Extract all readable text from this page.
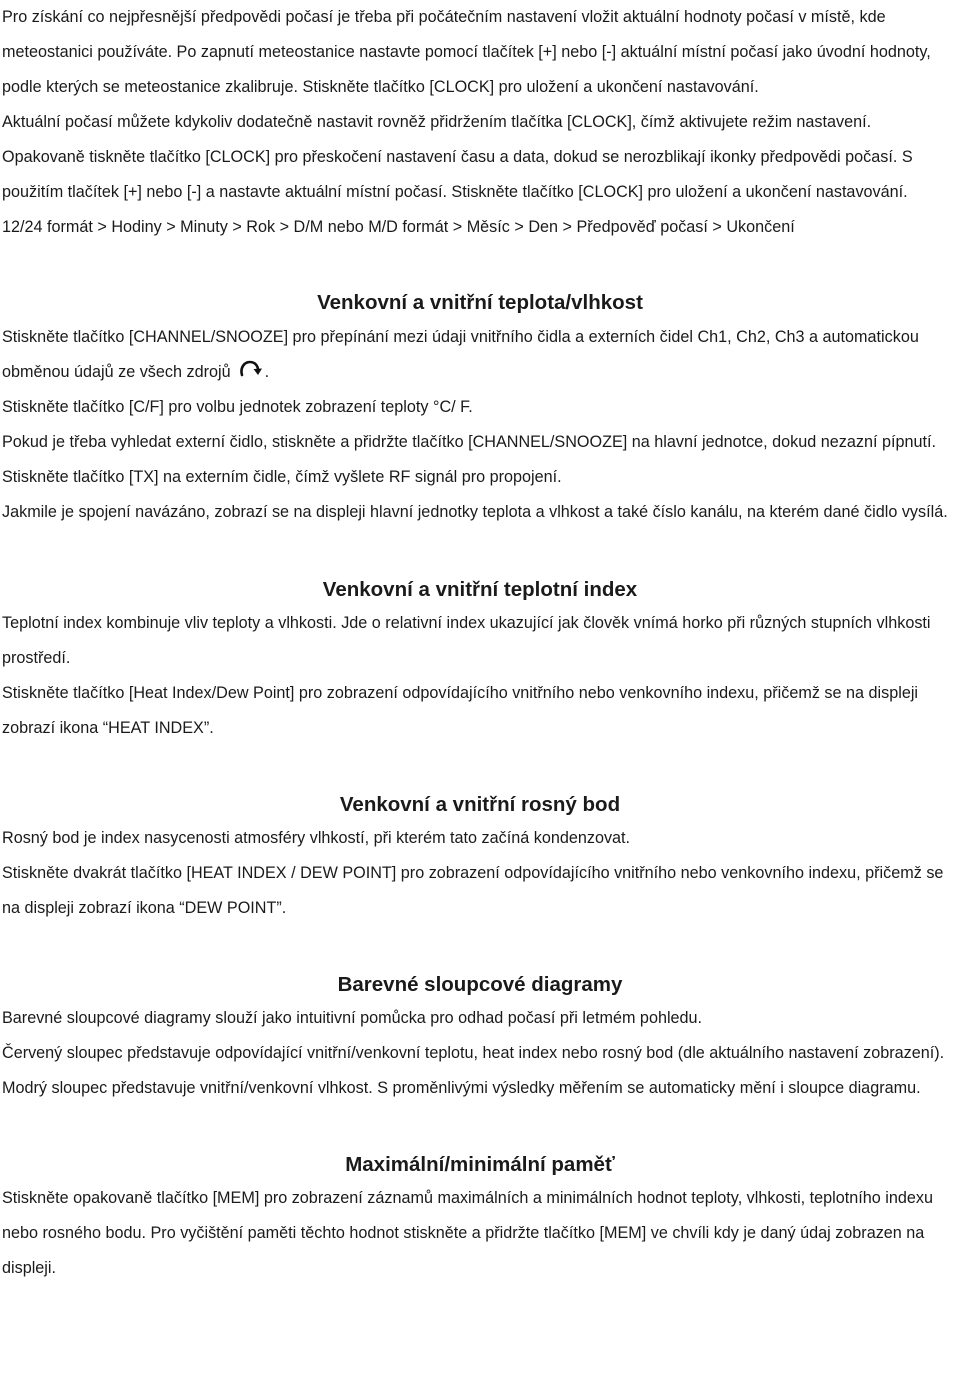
Pro získání co nejpřesnější předpovědi počasí je třeba při počátečním nastavení vložit aktuální hodnoty počasí v místě, kde meteostanici používáte. Po zapnutí meteostanice nastavte pomocí tlačítek [+] nebo [-] aktuální místní počasí jako úvodní hodnoty, podle kterých se meteostanice zkalibruje. Stiskněte tlačítko [CLOCK] pro uložení a ukončení nastavování.

Aktuální počasí můžete kdykoliv dodatečně nastavit rovněž přidržením tlačítka [CLOCK], čímž aktivujete režim nastavení. Opakovaně tiskněte tlačítko [CLOCK] pro přeskočení nastavení času a data, dokud se nerozblikají ikonky předpovědi počasí. S použitím tlačítek [+] nebo [-] a nastavte aktuální místní počasí. Stiskněte tlačítko [CLOCK] pro uložení a ukončení nastavování.

12/24 formát > Hodiny > Minuty > Rok > D/M nebo M/D formát > Měsíc > Den > Předpověď počasí > Ukončení

Venkovní a vnitřní teplota/vlhkost

Stiskněte tlačítko [CHANNEL/SNOOZE] pro přepínání mezi údaji vnitřního čidla a externích čidel Ch1, Ch2, Ch3 a automatickou obměnou údajů ze všech zdrojů .

Stiskněte tlačítko [C/F] pro volbu jednotek zobrazení teploty °C/ F.

Pokud je třeba vyhledat externí čidlo, stiskněte a přidržte tlačítko [CHANNEL/SNOOZE] na hlavní jednotce, dokud nezazní pípnutí. Stiskněte tlačítko [TX] na externím čidle, čímž vyšlete RF signál pro propojení.

Jakmile je spojení navázáno, zobrazí se na displeji hlavní jednotky teplota a vlhkost a také číslo kanálu, na kterém dané čidlo vysílá.

Venkovní a vnitřní teplotní index

Teplotní index kombinuje vliv teploty a vlhkosti. Jde o relativní index ukazující jak člověk vnímá horko při různých stupních vlhkosti prostředí.

Stiskněte tlačítko [Heat Index/Dew Point] pro zobrazení odpovídajícího vnitřního nebo venkovního indexu, přičemž se na displeji zobrazí ikona “HEAT INDEX”.

Venkovní a vnitřní rosný bod

Rosný bod je index nasycenosti atmosféry vlhkostí, při kterém tato začíná kondenzovat.

Stiskněte dvakrát tlačítko [HEAT INDEX / DEW POINT] pro zobrazení odpovídajícího vnitřního nebo venkovního indexu, přičemž se na displeji zobrazí ikona “DEW POINT”.

Barevné sloupcové diagramy

Barevné sloupcové diagramy slouží jako intuitivní pomůcka pro odhad počasí při letmém pohledu.

Červený sloupec představuje odpovídající vnitřní/venkovní teplotu, heat index nebo rosný bod (dle aktuálního nastavení zobrazení). Modrý sloupec představuje vnitřní/venkovní vlhkost. S proměnlivými výsledky měřením se automaticky mění i sloupce diagramu.

Maximální/minimální paměť

Stiskněte opakovaně tlačítko [MEM] pro zobrazení záznamů maximálních a minimálních hodnot teploty, vlhkosti, teplotního indexu nebo rosného bodu. Pro vyčištění paměti těchto hodnot stiskněte a přidržte tlačítko [MEM] ve chvíli kdy je daný údaj zobrazen na displeji.
